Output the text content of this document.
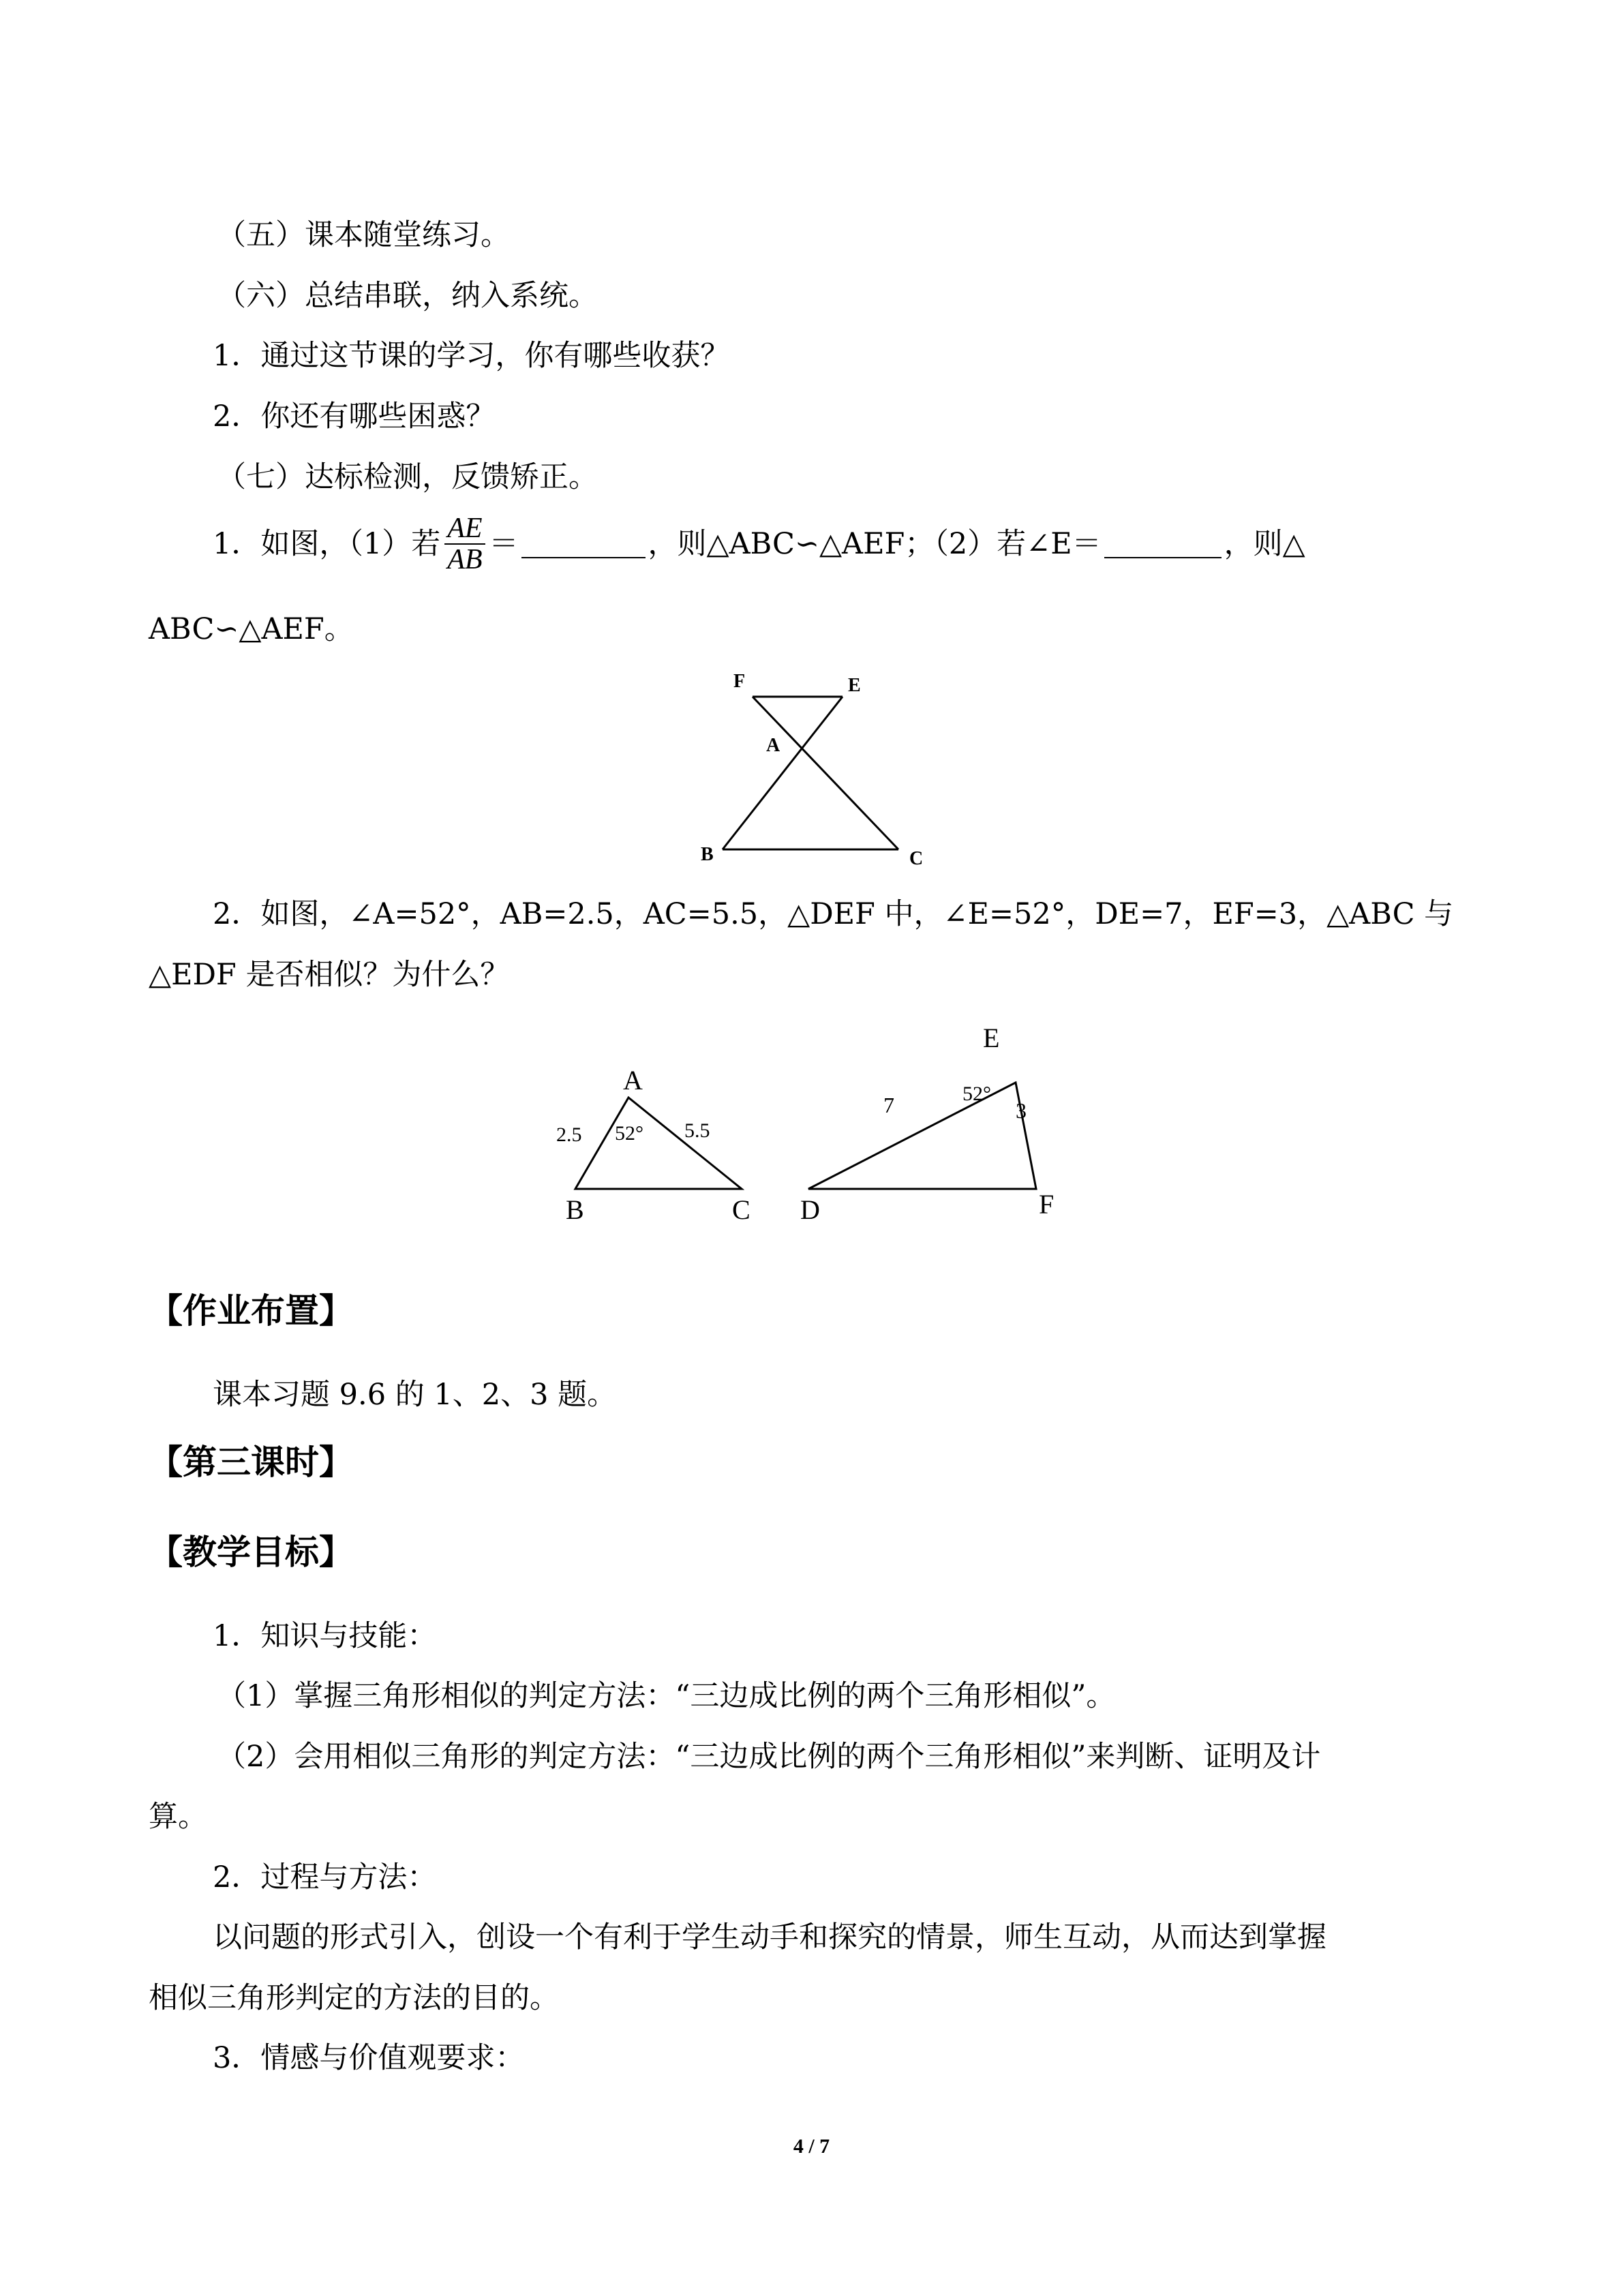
（五）课本随堂练习。
（六）总结串联，纳入系统。
1．通过这节课的学习，你有哪些收获？
2．你还有哪些困惑？
（七）达标检测，反馈矫正。
1．如图，（1）若 $\frac{AE}{AB}$ ＝	，则△ABC∽△AEF；（2）若∠E＝	，则△
ABC∽△AEF。
F	E
A
B	C
2．如图，∠A=52°，AB=2.5，AC=5.5，△DEF 中，∠E=52°，DE=7，EF=3，△ABC 与
△EDF 是否相似？为什么？
A
B	C
2.5	5.5
52°
E
D	F
7	3
52°
【作业布置】
课本习题 9.6 的 1、2、3 题。
【第三课时】
【教学目标】
1．知识与技能：
（1）掌握三角形相似的判定方法：“三边成比例的两个三角形相似”。
（2）会用相似三角形的判定方法：“三边成比例的两个三角形相似”来判断、证明及计
算。
2．过程与方法：
以问题的形式引入，创设一个有利于学生动手和探究的情景，师生互动，从而达到掌握
相似三角形判定的方法的目的。
3．情感与价值观要求：
4 / 7
